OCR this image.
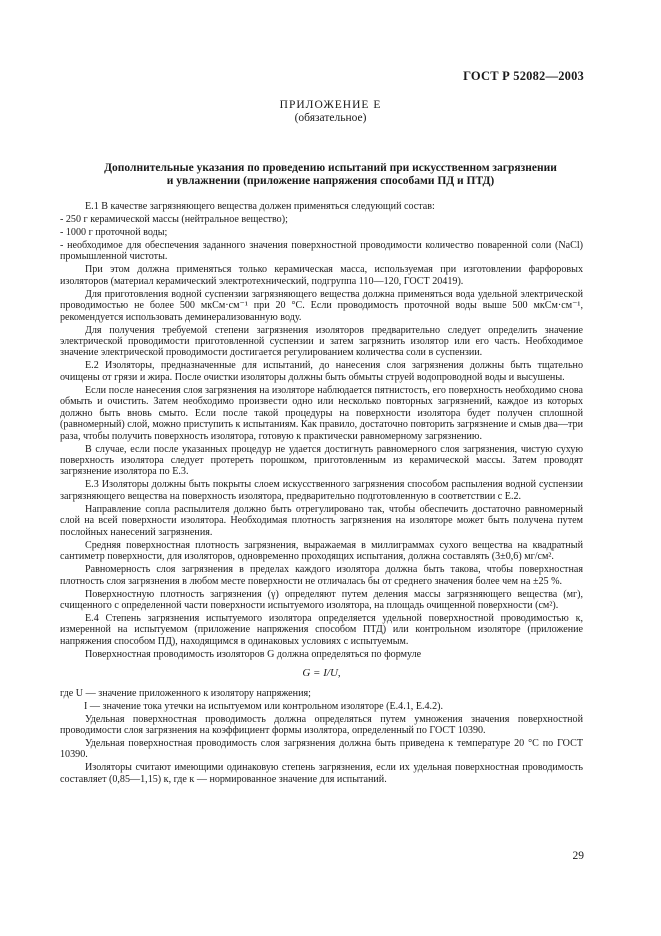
ГОСТ Р 52082—2003
ПРИЛОЖЕНИЕ Е
(обязательное)
Дополнительные указания по проведению испытаний при искусственном загрязнении
и увлажнении (приложение напряжения способами ПД и ПТД)

Е.1 В качестве загрязняющего вещества должен применяться следующий состав:

- 250 г керамической массы (нейтральное вещество);

- 1000 г проточной воды;

- необходимое для обеспечения заданного значения поверхностной проводимости количество поваренной соли (NaCl) промышленной чистоты.

При этом должна применяться только керамическая масса, используемая при изготовлении фарфоровых изоляторов (материал керамический электротехнический, подгруппа 110—120, ГОСТ 20419).

Для приготовления водной суспензии загрязняющего вещества должна применяться вода удельной электрической проводимостью не более 500 мкСм·см⁻¹ при 20 °С. Если проводимость проточной воды выше 500 мкСм·см⁻¹, рекомендуется использовать деминерализованную воду.

Для получения требуемой степени загрязнения изоляторов предварительно следует определить значение электрической проводимости приготовленной суспензии и затем загрязнить изолятор или его часть. Необходимое значение электрической проводимости достигается регулированием количества соли в суспензии.

Е.2 Изоляторы, предназначенные для испытаний, до нанесения слоя загрязнения должны быть тщательно очищены от грязи и жира. После очистки изоляторы должны быть обмыты струей водопроводной воды и высушены.

Если после нанесения слоя загрязнения на изоляторе наблюдается пятнистость, его поверхность необходимо снова обмыть и очистить. Затем необходимо произвести одно или несколько повторных загрязнений, каждое из которых должно быть вновь смыто. Если после такой процедуры на поверхности изолятора будет получен сплошной (равномерный) слой, можно приступить к испытаниям. Как правило, достаточно повторить загрязнение и смыв два—три раза, чтобы получить поверхность изолятора, готовую к практически равномерному загрязнению.

В случае, если после указанных процедур не удается достигнуть равномерного слоя загрязнения, чистую сухую поверхность изолятора следует протереть порошком, приготовленным из керамической массы. Затем проводят загрязнение изолятора по Е.3.

Е.3 Изоляторы должны быть покрыты слоем искусственного загрязнения способом распыления водной суспензии загрязняющего вещества на поверхность изолятора, предварительно подготовленную в соответствии с Е.2.

Направление сопла распылителя должно быть отрегулировано так, чтобы обеспечить достаточно равномерный слой на всей поверхности изолятора. Необходимая плотность загрязнения на изоляторе может быть получена путем послойных нанесений загрязнения.

Средняя поверхностная плотность загрязнения, выражаемая в миллиграммах сухого вещества на квадратный сантиметр поверхности, для изоляторов, одновременно проходящих испытания, должна составлять (3±0,6) мг/см².

Равномерность слоя загрязнения в пределах каждого изолятора должна быть такова, чтобы поверхностная плотность слоя загрязнения в любом месте поверхности не отличалась бы от среднего значения более чем на ±25 %.

Поверхностную плотность загрязнения (γ) определяют путем деления массы загрязняющего вещества (мг), счищенного с определенной части поверхности испытуемого изолятора, на площадь очищенной поверхности (см²).

Е.4 Степень загрязнения испытуемого изолятора определяется удельной поверхностной проводимостью к, измеренной на испытуемом (приложение напряжения способом ПТД) или контрольном изоляторе (приложение напряжения способом ПД), находящимся в одинаковых условиях с испытуемым.

Поверхностная проводимость изоляторов G должна определяться по формуле

G = I/U,

где U — значение приложенного к изолятору напряжения;

I — значение тока утечки на испытуемом или контрольном изоляторе (Е.4.1, Е.4.2).

Удельная поверхностная проводимость должна определяться путем умножения значения поверхностной проводимости слоя загрязнения на коэффициент формы изолятора, определенный по ГОСТ 10390.

Удельная поверхностная проводимость слоя загрязнения должна быть приведена к температуре 20 °С по ГОСТ 10390.

Изоляторы считают имеющими одинаковую степень загрязнения, если их удельная поверхностная проводимость составляет (0,85—1,15) к, где к — нормированное значение для испытаний.

29
